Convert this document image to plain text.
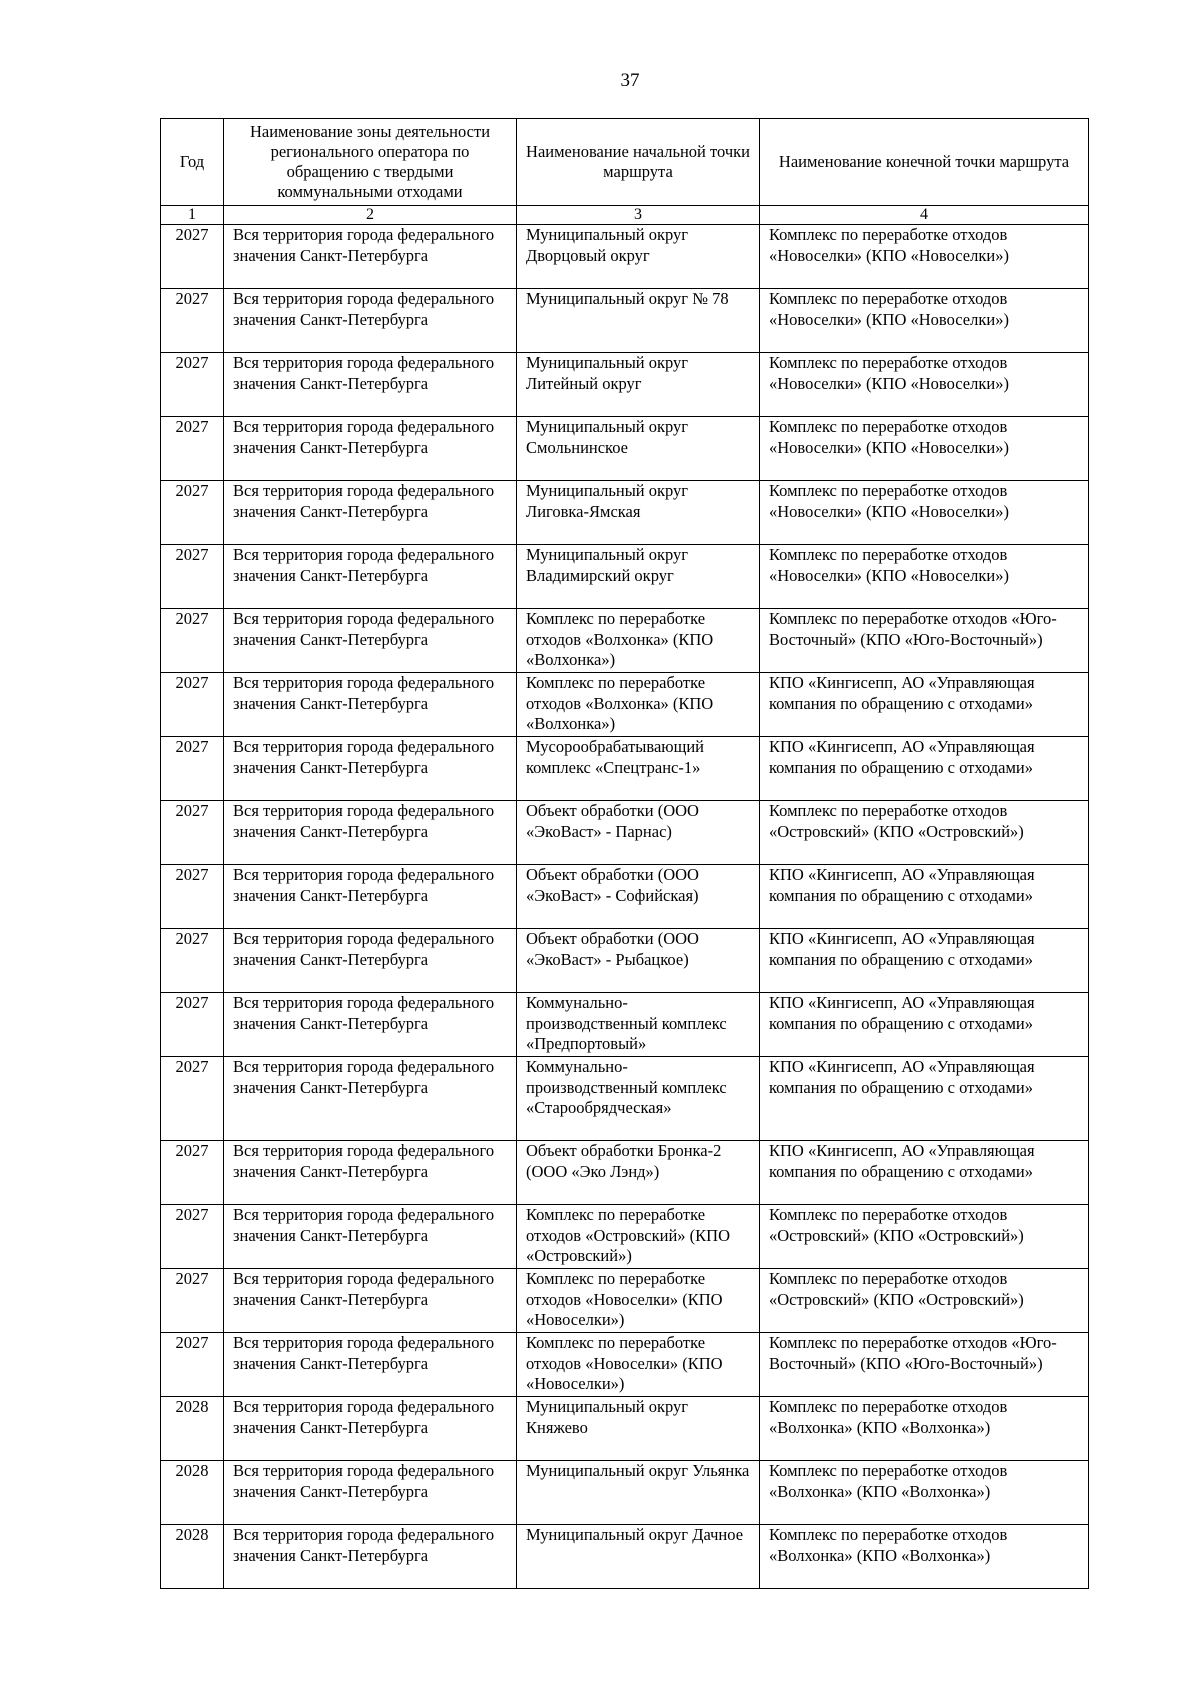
37
Год	Наименование зоны деятельности регионального оператора по обращению с твердыми коммунальными отходами	Наименование начальной точки маршрута	Наименование конечной точки маршрута
1	2	3	4
2027	Вся территория города федерального значения Санкт-Петербурга	Муниципальный округ Дворцовый округ	Комплекс по переработке отходов «Новоселки» (КПО «Новоселки»)
2027	Вся территория города федерального значения Санкт-Петербурга	Муниципальный округ № 78	Комплекс по переработке отходов «Новоселки» (КПО «Новоселки»)
2027	Вся территория города федерального значения Санкт-Петербурга	Муниципальный округ Литейный округ	Комплекс по переработке отходов «Новоселки» (КПО «Новоселки»)
2027	Вся территория города федерального значения Санкт-Петербурга	Муниципальный округ Смольнинское	Комплекс по переработке отходов «Новоселки» (КПО «Новоселки»)
2027	Вся территория города федерального значения Санкт-Петербурга	Муниципальный округ Лиговка-Ямская	Комплекс по переработке отходов «Новоселки» (КПО «Новоселки»)
2027	Вся территория города федерального значения Санкт-Петербурга	Муниципальный округ Владимирский округ	Комплекс по переработке отходов «Новоселки» (КПО «Новоселки»)
2027	Вся территория города федерального значения Санкт-Петербурга	Комплекс по переработке отходов «Волхонка» (КПО «Волхонка»)	Комплекс по переработке отходов «Юго-Восточный» (КПО «Юго-Восточный»)
2027	Вся территория города федерального значения Санкт-Петербурга	Комплекс по переработке отходов «Волхонка» (КПО «Волхонка»)	КПО «Кингисепп, АО «Управляющая компания по обращению с отходами»
2027	Вся территория города федерального значения Санкт-Петербурга	Мусорообрабатывающий комплекс «Спецтранс-1»	КПО «Кингисепп, АО «Управляющая компания по обращению с отходами»
2027	Вся территория города федерального значения Санкт-Петербурга	Объект обработки (ООО «ЭкоВаст» - Парнас)	Комплекс по переработке отходов «Островский» (КПО «Островский»)
2027	Вся территория города федерального значения Санкт-Петербурга	Объект обработки (ООО «ЭкоВаст» - Софийская)	КПО «Кингисепп, АО «Управляющая компания по обращению с отходами»
2027	Вся территория города федерального значения Санкт-Петербурга	Объект обработки (ООО «ЭкоВаст» - Рыбацкое)	КПО «Кингисепп, АО «Управляющая компания по обращению с отходами»
2027	Вся территория города федерального значения Санкт-Петербурга	Коммунально-производственный комплекс «Предпортовый»	КПО «Кингисепп, АО «Управляющая компания по обращению с отходами»
2027	Вся территория города федерального значения Санкт-Петербурга	Коммунально-производственный комплекс «Старообрядческая»	КПО «Кингисепп, АО «Управляющая компания по обращению с отходами»
2027	Вся территория города федерального значения Санкт-Петербурга	Объект обработки Бронка-2 (ООО «Эко Лэнд»)	КПО «Кингисепп, АО «Управляющая компания по обращению с отходами»
2027	Вся территория города федерального значения Санкт-Петербурга	Комплекс по переработке отходов «Островский» (КПО «Островский»)	Комплекс по переработке отходов «Островский» (КПО «Островский»)
2027	Вся территория города федерального значения Санкт-Петербурга	Комплекс по переработке отходов «Новоселки» (КПО «Новоселки»)	Комплекс по переработке отходов «Островский» (КПО «Островский»)
2027	Вся территория города федерального значения Санкт-Петербурга	Комплекс по переработке отходов «Новоселки» (КПО «Новоселки»)	Комплекс по переработке отходов «Юго-Восточный» (КПО «Юго-Восточный»)
2028	Вся территория города федерального значения Санкт-Петербурга	Муниципальный округ Княжево	Комплекс по переработке отходов «Волхонка» (КПО «Волхонка»)
2028	Вся территория города федерального значения Санкт-Петербурга	Муниципальный округ Ульянка	Комплекс по переработке отходов «Волхонка» (КПО «Волхонка»)
2028	Вся территория города федерального значения Санкт-Петербурга	Муниципальный округ Дачное	Комплекс по переработке отходов «Волхонка» (КПО «Волхонка»)
